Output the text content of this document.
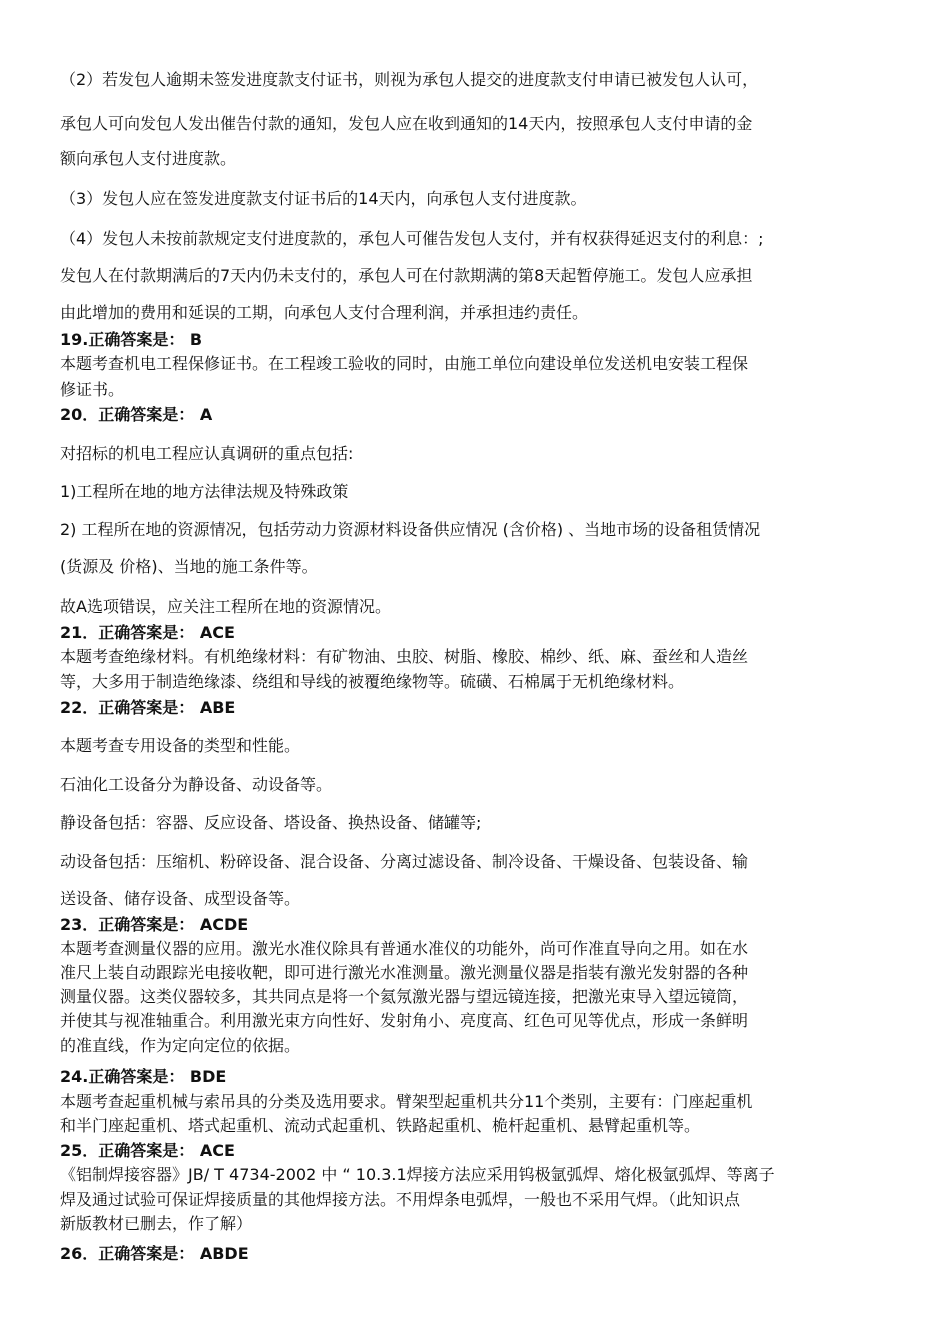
（2）若发包人逾期未签发进度款支付证书，则视为承包人提交的进度款支付申请已被发包人认可，
承包人可向发包人发出催告付款的通知，发包人应在收到通知的14天内，按照承包人支付申请的金
额向承包人支付进度款。
（3）发包人应在签发进度款支付证书后的14天内，向承包人支付进度款。
（4）发包人未按前款规定支付进度款的，承包人可催告发包人支付，并有权获得延迟支付的利息：;
发包人在付款期满后的7天内仍未支付的，承包人可在付款期满的第8天起暂停施工。发包人应承担
由此增加的费用和延误的工期，向承包人支付合理利润，并承担违约责任。
19.正确答案是： B
本题考查机电工程保修证书。在工程竣工验收的同时，由施工单位向建设单位发送机电安装工程保
修证书。
20．正确答案是： A
对招标的机电工程应认真调研的重点包括:
1)工程所在地的地方法律法规及特殊政策
2) 工程所在地的资源情况，包括劳动力资源材料设备供应情况 (含价格) 、当地市场的设备租赁情况
(货源及 价格)、当地的施工条件等。
故A选项错误，应关注工程所在地的资源情况。
21．正确答案是： ACE
本题考查绝缘材料。有机绝缘材料：有矿物油、虫胶、树脂、橡胶、棉纱、纸、麻、蚕丝和人造丝
等，大多用于制造绝缘漆、绕组和导线的被覆绝缘物等。硫磺、石棉属于无机绝缘材料。
22．正确答案是： ABE
本题考查专用设备的类型和性能。
石油化工设备分为静设备、动设备等。
静设备包括：容器、反应设备、塔设备、换热设备、储罐等;
动设备包括：压缩机、粉碎设备、混合设备、分离过滤设备、制冷设备、干燥设备、包装设备、输
送设备、储存设备、成型设备等。
23．正确答案是： ACDE
本题考查测量仪器的应用。激光水准仪除具有普通水准仪的功能外，尚可作准直导向之用。如在水
准尺上装自动跟踪光电接收靶，即可进行激光水准测量。激光测量仪器是指装有激光发射器的各种
测量仪器。这类仪器较多，其共同点是将一个氦氖激光器与望远镜连接，把激光束导入望远镜筒，
并使其与视准轴重合。利用激光束方向性好、发射角小、亮度高、红色可见等优点，形成一条鲜明
的准直线，作为定向定位的依据。
24.正确答案是： BDE
本题考查起重机械与索吊具的分类及选用要求。臂架型起重机共分11个类别，主要有：门座起重机
和半门座起重机、塔式起重机、流动式起重机、铁路起重机、桅杆起重机、悬臂起重机等。
25．正确答案是： ACE
《铝制焊接容器》JB/ T 4734-2002 中 “ 10.3.1焊接方法应采用钨极氩弧焊、熔化极氩弧焊、等离子
焊及通过试验可保证焊接质量的其他焊接方法。不用焊条电弧焊，一般也不采用气焊。（此知识点
新版教材已删去，作了解）
26．正确答案是： ABDE
